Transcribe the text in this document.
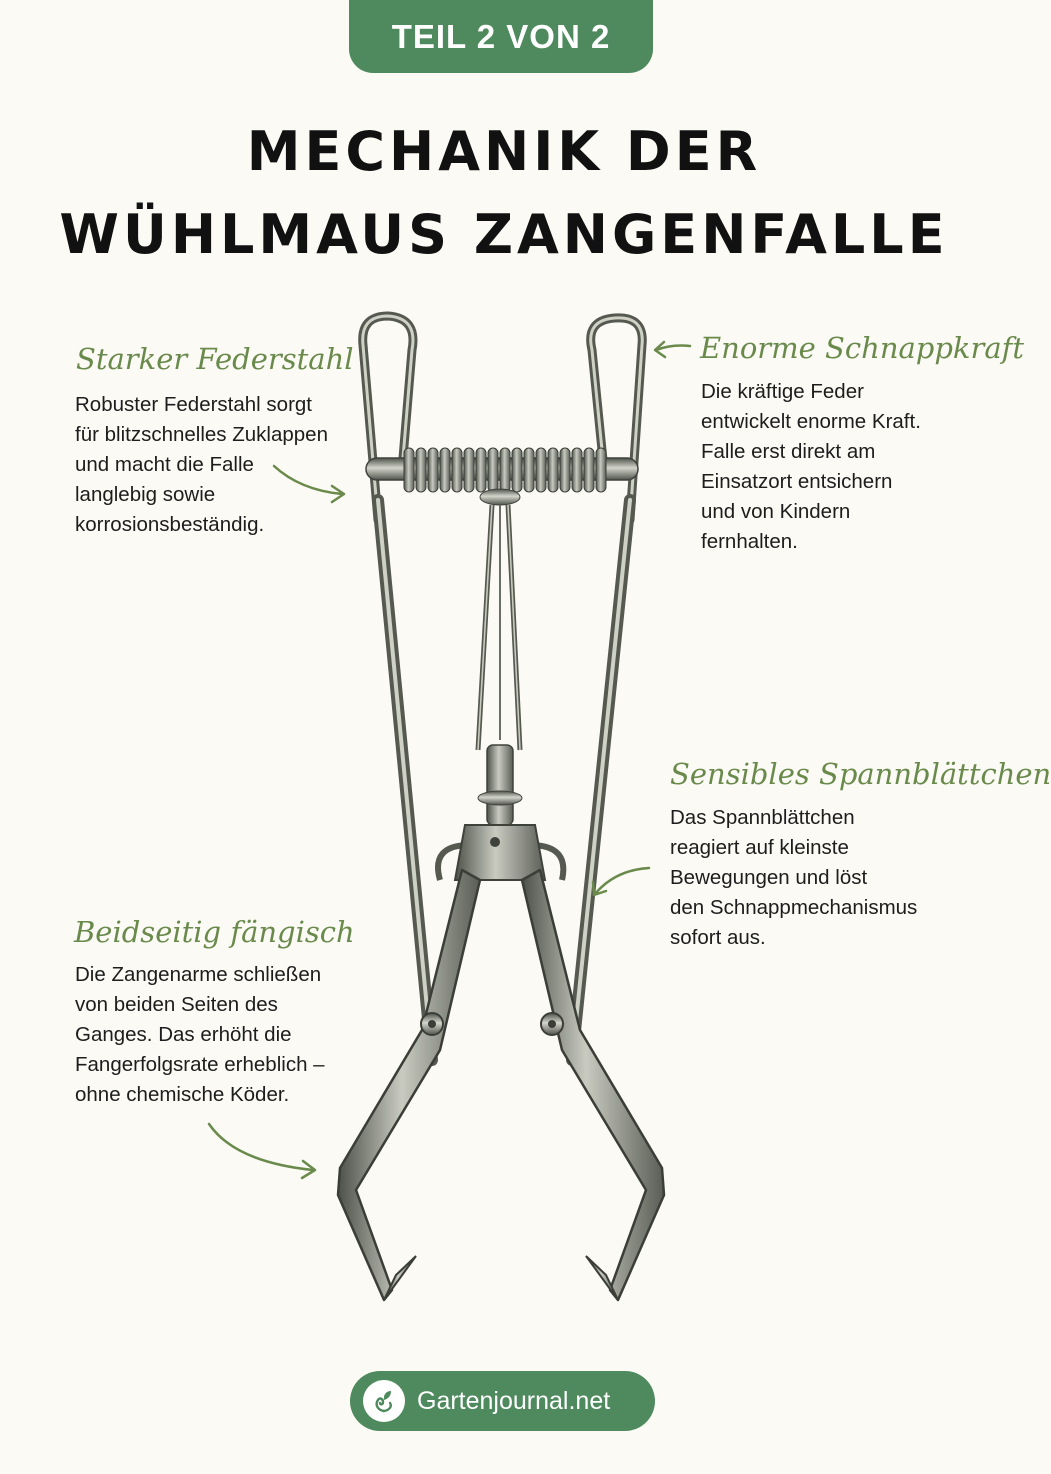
TEIL 2 VON 2
MECHANIK DER
WÜHLMAUS ZANGENFALLE
Starker Federstahl
Robuster Federstahl sorgt
für blitzschnelles Zuklappen
und macht die Falle
langlebig sowie
korrosionsbeständig.
Enorme Schnappkraft
Die kräftige Feder
entwickelt enorme Kraft.
Falle erst direkt am
Einsatzort entsichern
und von Kindern
fernhalten.
Sensibles Spannblättchen
Das Spannblättchen
reagiert auf kleinste
Bewegungen und löst
den Schnappmechanismus
sofort aus.
Beidseitig fängisch
Die Zangenarme schließen
von beiden Seiten des
Ganges. Das erhöht die
Fangerfolgsrate erheblich –
ohne chemische Köder.
Gartenjournal.net
